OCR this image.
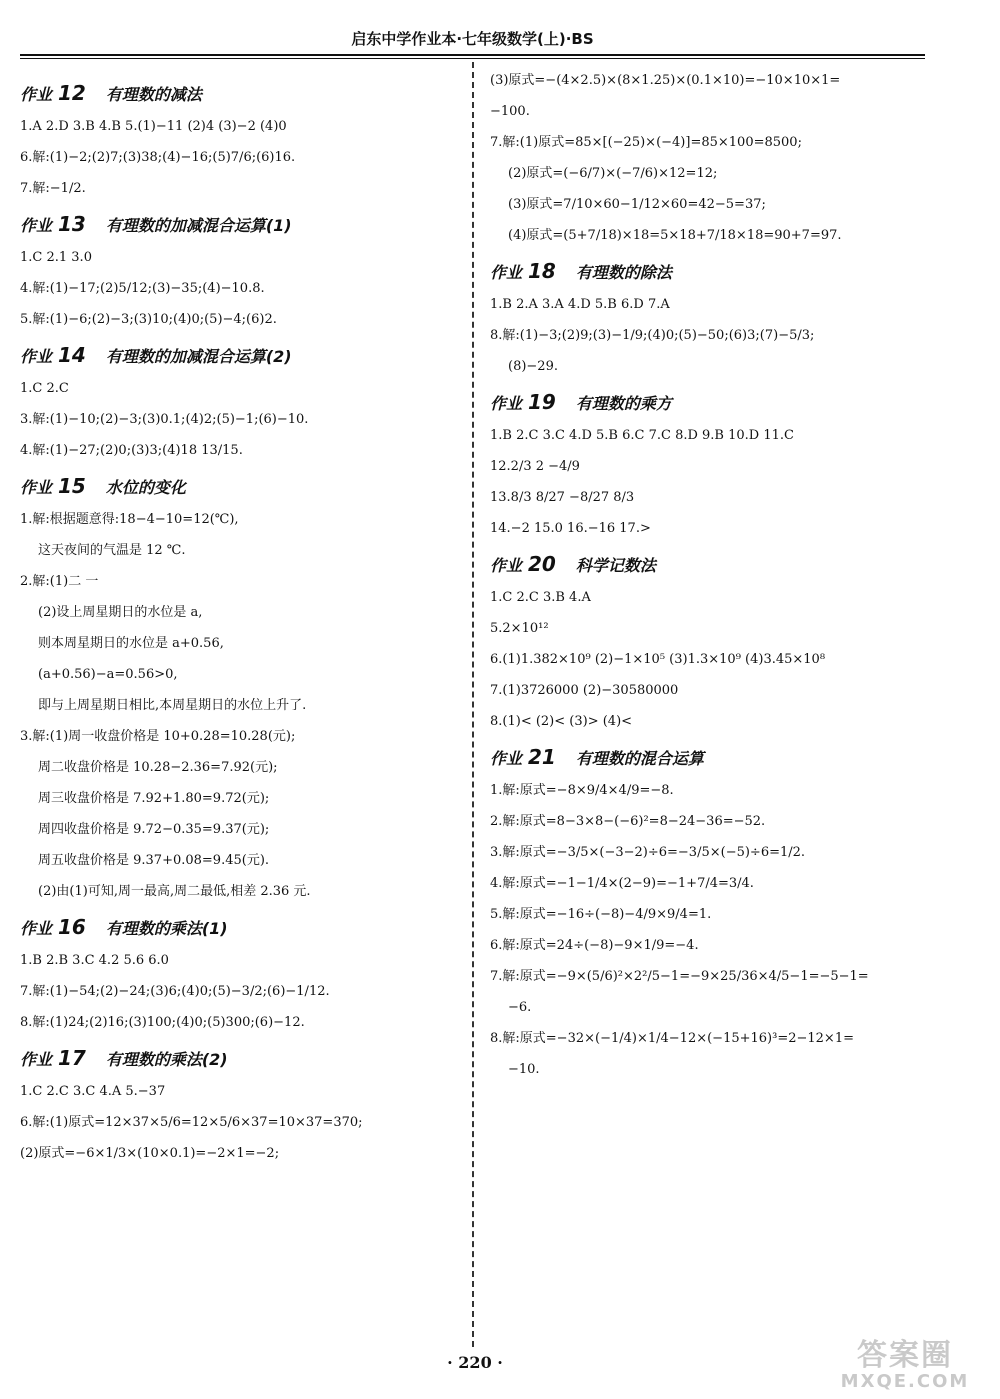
启东中学作业本·七年级数学(上)·BS
作业 12 有理数的减法
1.A 2.D 3.B 4.B 5.(1)−11 (2)4 (3)−2 (4)0
6.解:(1)−2;(2)7;(3)38;(4)−16;(5)7/6;(6)16.
7.解:−1/2.
作业 13 有理数的加减混合运算(1)
1.C 2.1 3.0
4.解:(1)−17;(2)5/12;(3)−35;(4)−10.8.
5.解:(1)−6;(2)−3;(3)10;(4)0;(5)−4;(6)2.
作业 14 有理数的加减混合运算(2)
1.C 2.C
3.解:(1)−10;(2)−3;(3)0.1;(4)2;(5)−1;(6)−10.
4.解:(1)−27;(2)0;(3)3;(4)18 13/15.
作业 15 水位的变化
1.解:根据题意得:18−4−10=12(℃),
这天夜间的气温是 12 ℃.
2.解:(1)二 一
(2)设上周星期日的水位是 a,
则本周星期日的水位是 a+0.56,
(a+0.56)−a=0.56>0,
即与上周星期日相比,本周星期日的水位上升了.
3.解:(1)周一收盘价格是 10+0.28=10.28(元);
周二收盘价格是 10.28−2.36=7.92(元);
周三收盘价格是 7.92+1.80=9.72(元);
周四收盘价格是 9.72−0.35=9.37(元);
周五收盘价格是 9.37+0.08=9.45(元).
(2)由(1)可知,周一最高,周二最低,相差 2.36 元.
作业 16 有理数的乘法(1)
1.B 2.B 3.C 4.2 5.6 6.0
7.解:(1)−54;(2)−24;(3)6;(4)0;(5)−3/2;(6)−1/12.
8.解:(1)24;(2)16;(3)100;(4)0;(5)300;(6)−12.
作业 17 有理数的乘法(2)
1.C 2.C 3.C 4.A 5.−37
6.解:(1)原式=12×37×5/6=12×5/6×37=10×37=370;
(2)原式=−6×1/3×(10×0.1)=−2×1=−2;
(3)原式=−(4×2.5)×(8×1.25)×(0.1×10)=−10×10×1=
−100.
7.解:(1)原式=85×[(−25)×(−4)]=85×100=8500;
(2)原式=(−6/7)×(−7/6)×12=12;
(3)原式=7/10×60−1/12×60=42−5=37;
(4)原式=(5+7/18)×18=5×18+7/18×18=90+7=97.
作业 18 有理数的除法
1.B 2.A 3.A 4.D 5.B 6.D 7.A
8.解:(1)−3;(2)9;(3)−1/9;(4)0;(5)−50;(6)3;(7)−5/3;
(8)−29.
作业 19 有理数的乘方
1.B 2.C 3.C 4.D 5.B 6.C 7.C 8.D 9.B 10.D 11.C
12.2/3 2 −4/9
13.8/3 8/27 −8/27 8/3
14.−2 15.0 16.−16 17.>
作业 20 科学记数法
1.C 2.C 3.B 4.A
5.2×10¹²
6.(1)1.382×10⁹ (2)−1×10⁵ (3)1.3×10⁹ (4)3.45×10⁸
7.(1)3726000 (2)−30580000
8.(1)< (2)< (3)> (4)<
作业 21 有理数的混合运算
1.解:原式=−8×9/4×4/9=−8.
2.解:原式=8−3×8−(−6)²=8−24−36=−52.
3.解:原式=−3/5×(−3−2)÷6=−3/5×(−5)÷6=1/2.
4.解:原式=−1−1/4×(2−9)=−1+7/4=3/4.
5.解:原式=−16÷(−8)−4/9×9/4=1.
6.解:原式=24÷(−8)−9×1/9=−4.
7.解:原式=−9×(5/6)²×2²/5−1=−9×25/36×4/5−1=−5−1=
−6.
8.解:原式=−32×(−1/4)×1/4−12×(−15+16)³=2−12×1=
−10.
· 220 ·	答案圈
MXQE.COM
